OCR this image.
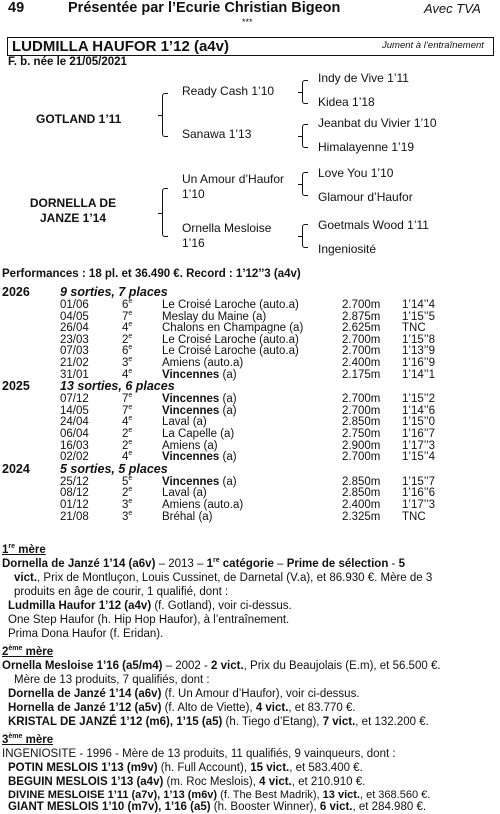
49	Présentée par l’Ecurie Christian Bigeon	Avec TVA
***
LUDMILLA HAUFOR 1’12 (a4v)	Jument à l’entraînement
F. b. née le 21/05/2021
GOTLAND 1’11
DORNELLA DE JANZE 1’14
Ready Cash 1’10
Sanawa 1’13
Un Amour d’Haufor
1’10
Ornella Mesloise
1’16
Indy de Vive 1’11
Kidea 1’18
Jeanbat du Vivier 1’10
Himalayenne 1’19
Love You 1’10
Glamour d’Haufor
Goetmals Wood 1’11
Ingeniosité
Performances : 18 pl. et 36.490 €. Record : 1’12’’3 (a4v)
2026 9 sorties, 7 places
01/06	6e	Le Croisé Laroche (auto.a)	2.700m 1’14’’4
04/05	7e	Meslay du Maine (a)	2.875m 1’15’’5
26/04	4e	Chalons en Champagne (a)	2.625m TNC
23/03	2e	Le Croisé Laroche (auto.a)	2.700m 1’15’’8
07/03	6e	Le Croisé Laroche (auto.a)	2.700m 1’13’’9
21/02	3e	Amiens (auto.a)	2.400m 1’16’’9
31/01	4e	Vincennes (a)	2.175m 1’14’’1
2025 13 sorties, 6 places
07/12	7e	Vincennes (a)	2.700m 1’15’’2
14/05	7e	Vincennes (a)	2.700m 1’14’’6
24/04	4e	Laval (a)	2.850m 1’15’’0
06/04	2e	La Capelle (a)	2.750m 1’16’’7
16/03	2e	Amiens (a)	2.900m 1’17’’3
02/02	4e	Vincennes (a)	2.700m 1’15’’4
2024 5 sorties, 5 places
25/12	5e	Vincennes (a)	2.850m 1’15’’7
08/12	2e	Laval (a)	2.850m 1’16’’6
01/12	3e	Amiens (auto.a)	2.400m 1’17’’3
21/08	3e	Bréhal (a)	2.325m TNC
1re mère
Dornella de Janzé 1’14 (a6v) – 2013 – 1re catégorie – Prime de sélection - 5
vict., Prix de Montluçon, Louis Cussinet, de Darnetal (V.a), et 86.930 €. Mère de 3
produits en âge de courir, 1 qualifié, dont :
Ludmilla Haufor 1’12 (a4v) (f. Gotland), voir ci-dessus.
One Step Haufor (h. Hip Hop Haufor), à l’entraînement.
Prima Dona Haufor (f. Eridan).
2ème mère
Ornella Mesloise 1’16 (a5/m4) – 2002 - 2 vict., Prix du Beaujolais (E.m), et 56.500 €.
Mère de 13 produits, 7 qualifiés, dont :
Dornella de Janzé 1’14 (a6v) (f. Un Amour d’Haufor), voir ci-dessus.
Hornella de Janzé 1’12 (a5v) (f. Alto de Viette), 4 vict., et 83.770 €.
KRISTAL DE JANZÉ 1’12 (m6), 1’15 (a5) (h. Tiego d’Etang), 7 vict., et 132.200 €.
3ème mère
INGENIOSITE - 1996 - Mère de 13 produits, 11 qualifiés, 9 vainqueurs, dont :
POTIN MESLOIS 1’13 (m9v) (h. Full Account), 15 vict., et 583.400 €.
BEGUIN MESLOIS 1’13 (a4v) (m. Roc Meslois), 4 vict., et 210.910 €.
DIVINE MESLOISE 1’11 (a7v), 1’13 (m6v) (f. The Best Madrik), 13 vict., et 368.560 €.
GIANT MESLOIS 1’10 (m7v), 1’16 (a5) (h. Booster Winner), 6 vict., et 284.980 €.
